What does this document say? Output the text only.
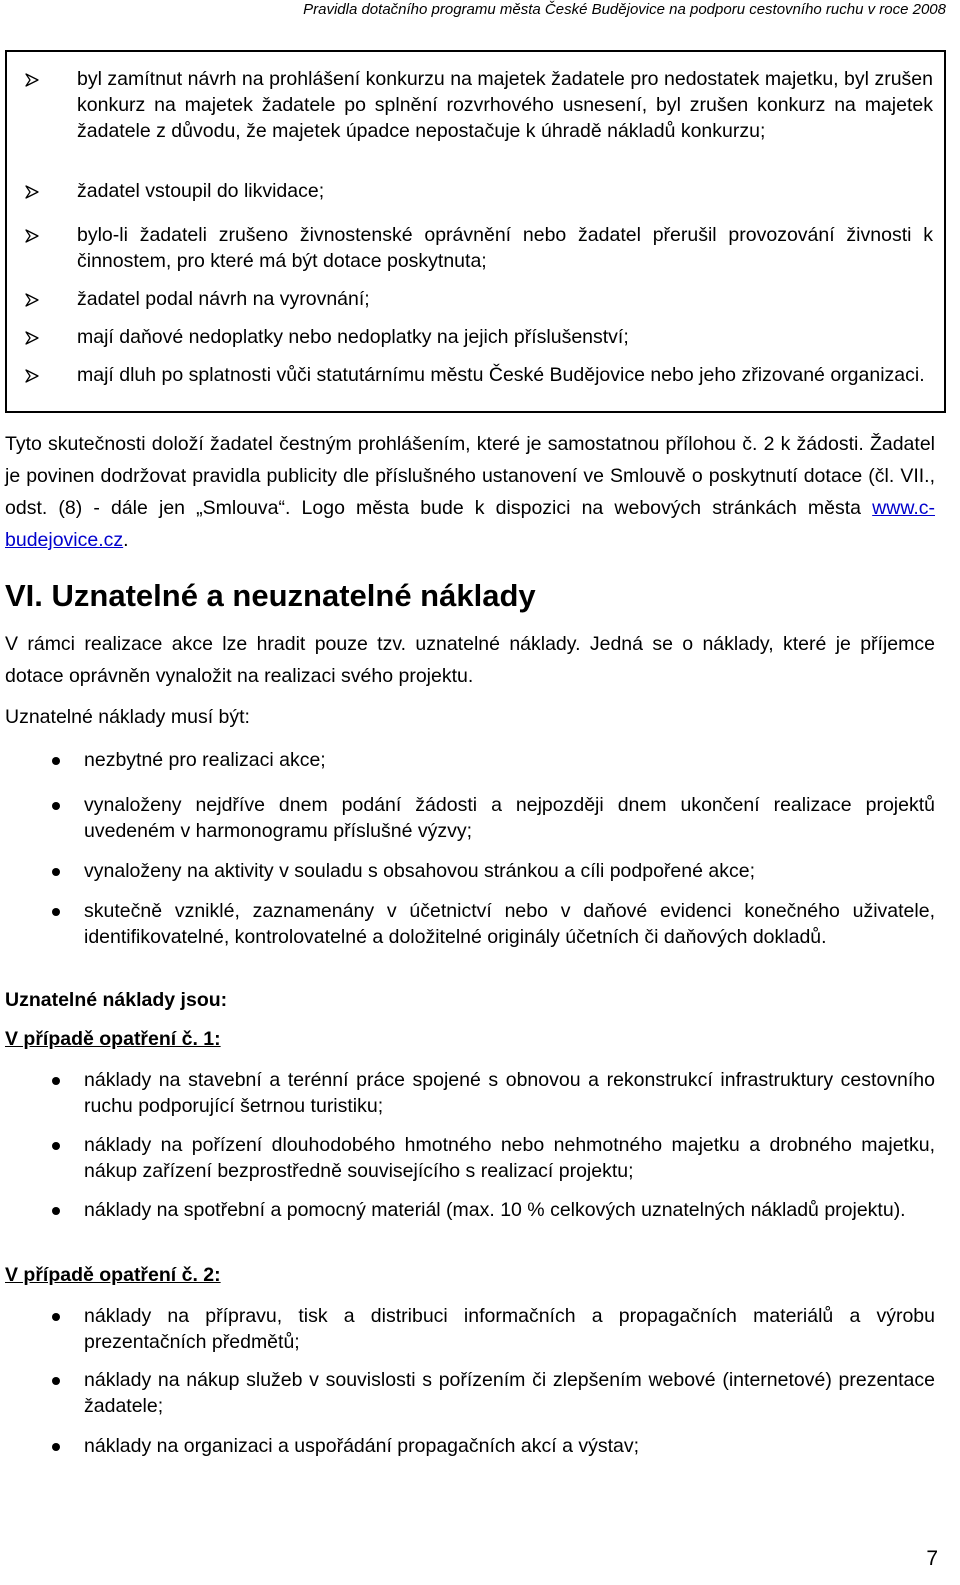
Pravidla dotačního programu města České Budějovice na podporu cestovního ruchu v roce 2008
byl zamítnut návrh na prohlášení konkurzu na majetek žadatele pro nedostatek majetku, byl zrušen konkurz na majetek žadatele po splnění rozvrhového usnesení, byl zrušen konkurz na majetek žadatele z důvodu, že majetek úpadce nepostačuje k úhradě nákladů konkurzu;
žadatel vstoupil do likvidace;
bylo-li žadateli zrušeno živnostenské oprávnění nebo žadatel přerušil provozování živnosti k činnostem, pro které má být dotace poskytnuta;
žadatel podal návrh na vyrovnání;
mají daňové nedoplatky nebo nedoplatky na jejich příslušenství;
mají dluh po splatnosti vůči statutárnímu městu České Budějovice nebo jeho zřizované organizaci.
Tyto skutečnosti doloží žadatel čestným prohlášením, které je samostatnou přílohou č. 2 k žádosti. Žadatel je povinen dodržovat pravidla publicity dle příslušného ustanovení ve Smlouvě o poskytnutí dotace (čl. VII., odst. (8) - dále jen „Smlouva“. Logo města bude k dispozici na webových stránkách města www.c-budejovice.cz.
VI. Uznatelné a neuznatelné náklady
V rámci realizace akce lze hradit pouze tzv. uznatelné náklady. Jedná se o náklady, které je příjemce dotace oprávněn vynaložit na realizaci svého projektu.
Uznatelné náklady musí být:
nezbytné pro realizaci akce;
vynaloženy nejdříve dnem podání žádosti a nejpozději dnem ukončení realizace projektů uvedeném v harmonogramu příslušné výzvy;
vynaloženy na aktivity v souladu s obsahovou stránkou a cíli podpořené akce;
skutečně vzniklé, zaznamenány v účetnictví nebo v daňové evidenci konečného uživatele, identifikovatelné, kontrolovatelné a doložitelné originály účetních či daňových dokladů.
Uznatelné náklady jsou:
V případě opatření č. 1:
náklady na stavební a terénní práce spojené s obnovou a rekonstrukcí infrastruktury cestovního ruchu podporující šetrnou turistiku;
náklady na pořízení dlouhodobého hmotného nebo nehmotného majetku a drobného majetku, nákup zařízení bezprostředně souvisejícího s realizací projektu;
náklady na spotřební a pomocný materiál (max. 10 % celkových uznatelných nákladů projektu).
V případě opatření č. 2:
náklady na přípravu, tisk a distribuci informačních a propagačních materiálů a výrobu prezentačních předmětů;
náklady na nákup služeb v souvislosti s pořízením či zlepšením webové (internetové) prezentace žadatele;
náklady na organizaci a uspořádání propagačních akcí a výstav;
7
